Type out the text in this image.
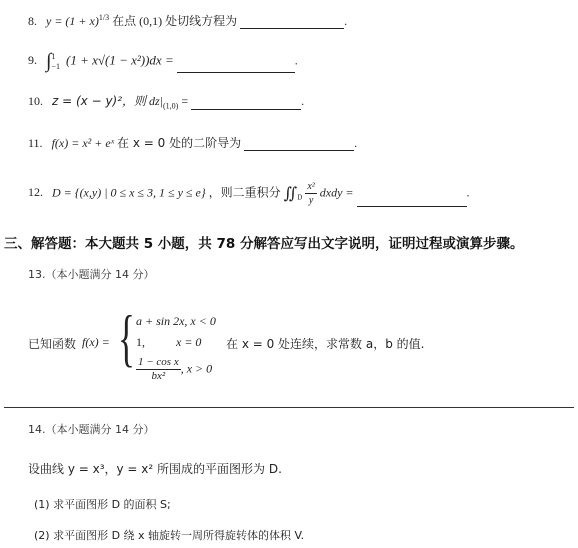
8. $y = (1 + x)^{1/3}$ 在点 (0,1) 处切线方程为	.
9. ∫ 1
−1 (1 + x√(1 − x²))dx =	.
10. z = (x − y)²，则 $dz|_{(1,0)}$ =	.
11. f(x) = x² + eˣ 在 x = 0 处的二阶导为	.
12. D = {(x,y) | 0 ≤ x ≤ 3, 1 ≤ y ≤ e} ，则二重积分 $∬_D \frac{\text{x²}}{y}$ dxdy =	.
三、解答题：本大题共 5 小题，共 78 分解答应写出文字说明，证明过程或演算步骤。
13.（本小题满分 14 分）
已知函数 f(x) = { a + sin 2x, x < 0
1,	x = 0 在 x = 0 处连续，求常数 a，b 的值.
$\frac{\text{1 − cos x}}{\text{bx²}}$ , x > 0
14.（本小题满分 14 分）
设曲线 y = x³，y = x² 所围成的平面图形为 D.
(1) 求平面图形 D 的面积 S;
(2) 求平面图形 D 绕 x 轴旋转一周所得旋转体的体积 V.
